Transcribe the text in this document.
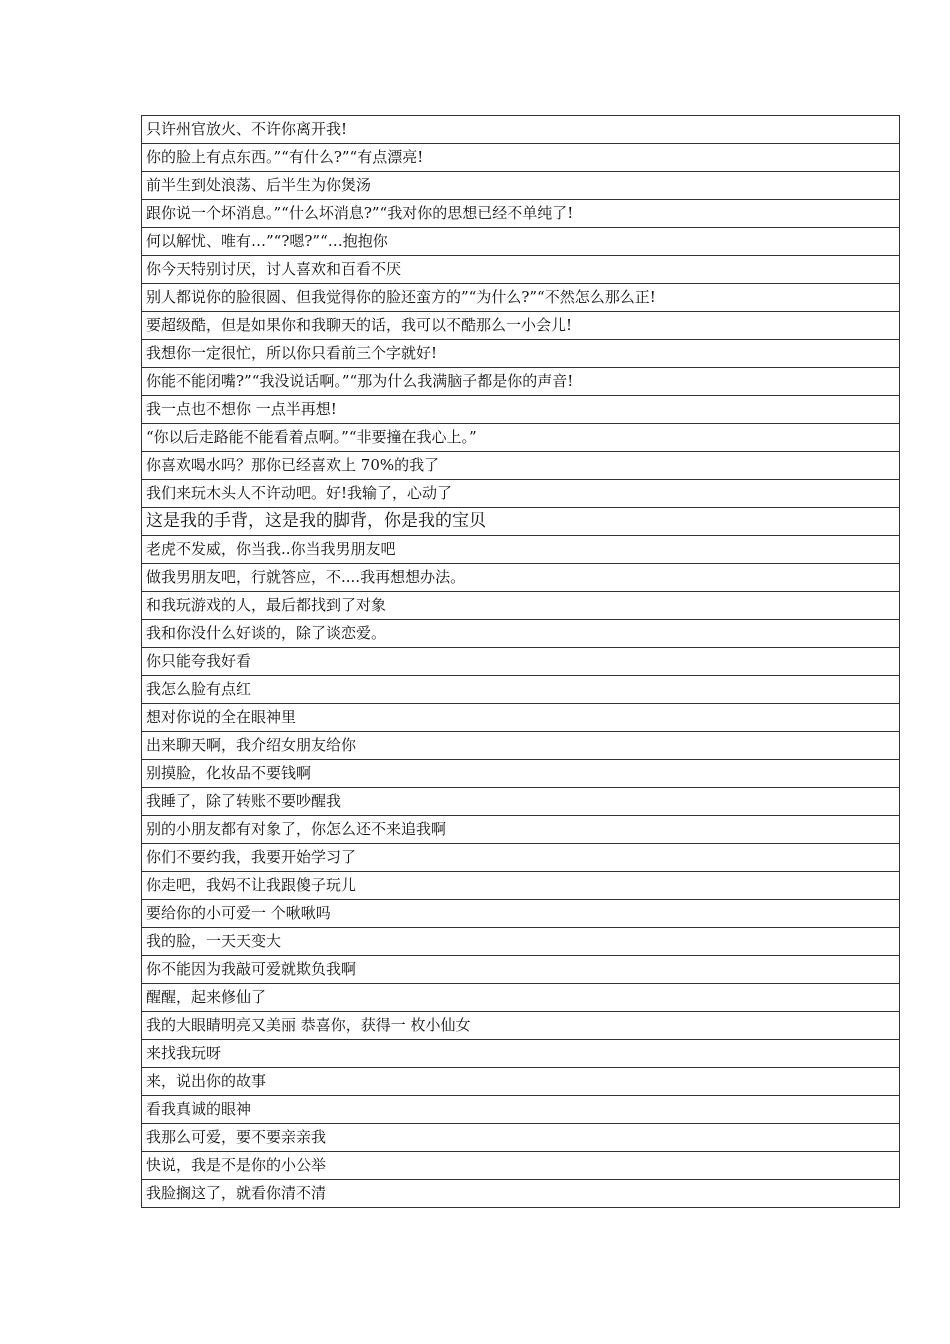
只许州官放火、不许你离开我!
你的脸上有点东西。”“有什么?”“有点漂亮!
前半生到处浪荡、后半生为你煲汤
跟你说一个坏消息。”“什么坏消息?”“我对你的思想已经不单纯了!
何以解忧、唯有…”“?嗯?”“…抱抱你
你今天特别讨厌，讨人喜欢和百看不厌
别人都说你的脸很圆、但我觉得你的脸还蛮方的”“为什么?”“不然怎么那么正!
要超级酷，但是如果你和我聊天的话，我可以不酷那么一小会儿!
我想你一定很忙，所以你只看前三个字就好!
你能不能闭嘴?”“我没说话啊。”“那为什么我满脑子都是你的声音!
我一点也不想你 一点半再想!
“你以后走路能不能看着点啊。”“非要撞在我心上。”
你喜欢喝水吗？那你已经喜欢上 70%的我了
我们来玩木头人不许动吧。好!我输了，心动了
这是我的手背，这是我的脚背，你是我的宝贝
老虎不发威，你当我..你当我男朋友吧
做我男朋友吧，行就答应，不....我再想想办法。
和我玩游戏的人，最后都找到了对象
我和你没什么好谈的，除了谈恋爱。
你只能夸我好看
我怎么脸有点红
想对你说的全在眼神里
出来聊天啊，我介绍女朋友给你
别摸脸，化妆品不要钱啊
我睡了，除了转账不要吵醒我
别的小朋友都有对象了，你怎么还不来追我啊
你们不要约我，我要开始学习了
你走吧，我妈不让我跟傻子玩儿
要给你的小可爱一 个啾啾吗
我的脸，一天天变大
你不能因为我敲可爱就欺负我啊
醒醒，起来修仙了
我的大眼睛明亮又美丽 恭喜你，获得一 枚小仙女
来找我玩呀
来，说出你的故事
看我真诚的眼神
我那么可爱，要不要亲亲我
快说，我是不是你的小公举
我脸搁这了，就看你清不清
